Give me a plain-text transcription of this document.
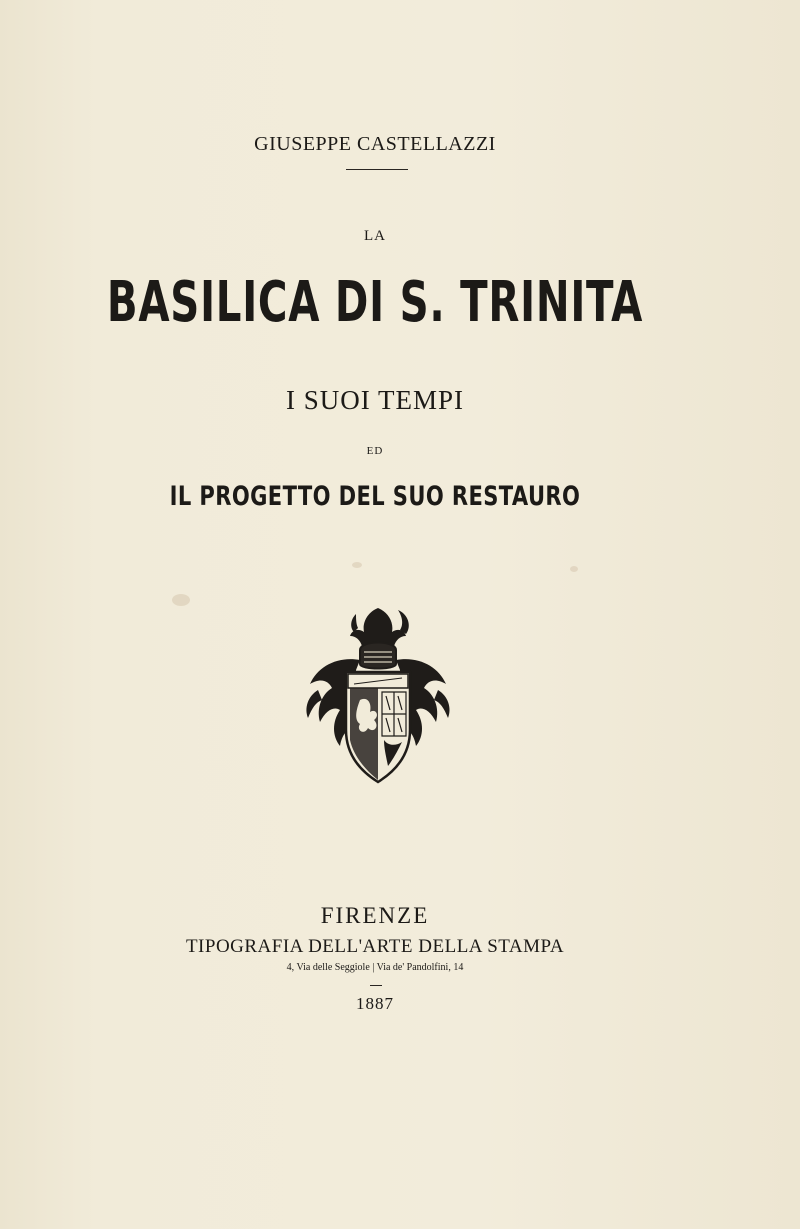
GIUSEPPE CASTELLAZZI
LA
BASILICA DI S. TRINITA
I SUOI TEMPI
ED
IL PROGETTO DEL SUO RESTAURO
FIRENZE
TIPOGRAFIA DELL'ARTE DELLA STAMPA
4, Via delle Seggiole | Via de' Pandolfini, 14
1887
